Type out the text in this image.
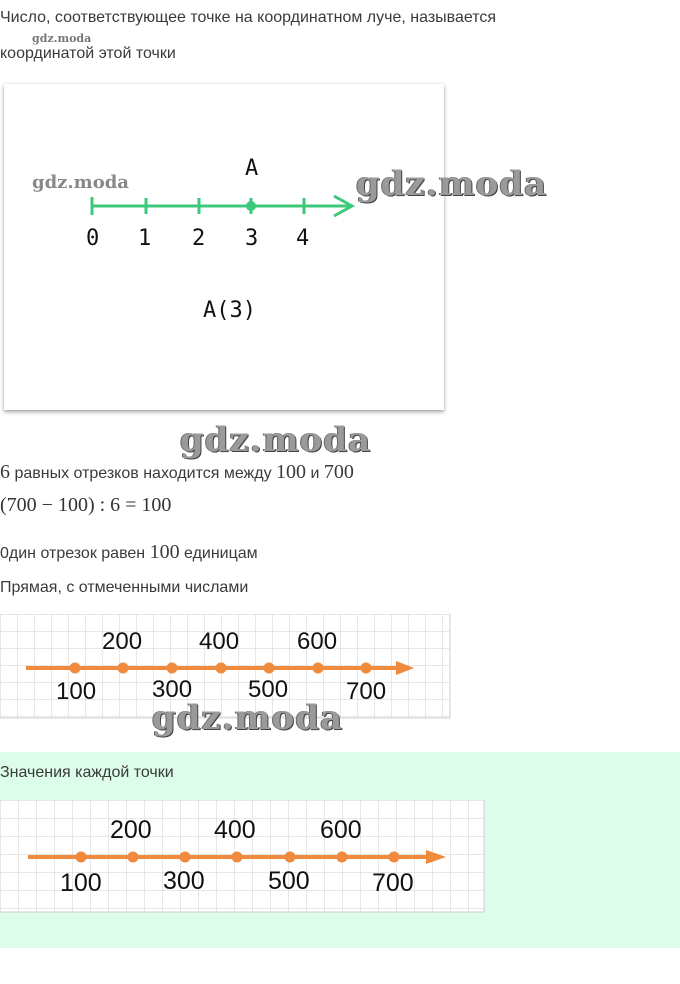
Число, соответствующее точке на координатном луче, называется
gdz.moda
координатой этой точки
gdz.moda	gdz.moda
A
0 1 2 3 4
A(3)
gdz.moda
6 равных отрезков находится между 100 и 700
(700 − 100) : 6 = 100
0дин отрезок равен 100 единицам
Прямая, с отмеченными числами
200 400 600
100 300 500 700
gdz.moda
Значения каждой точки
200 400	600
100 300	500 700
